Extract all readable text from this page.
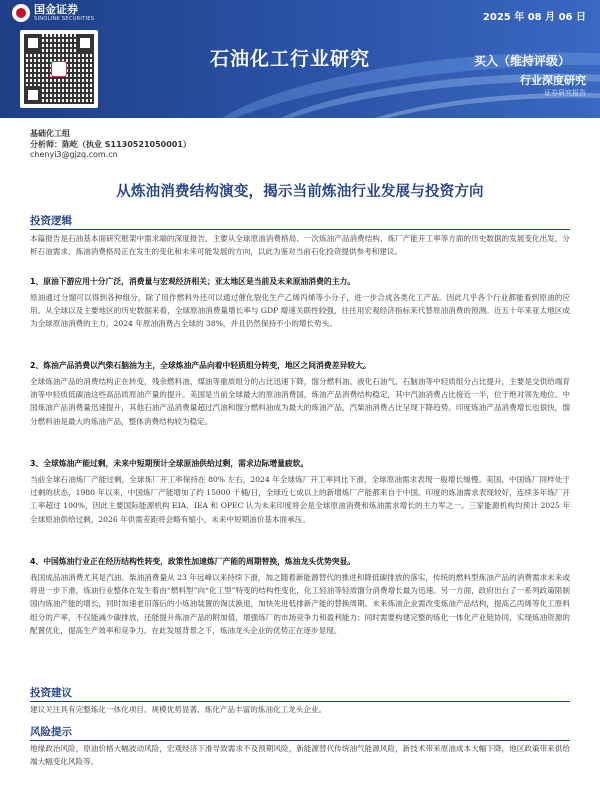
国金证券
SINOLINK SECURITIES	2025 年 08 月 06 日
石油化工行业研究	买入（维持评级）
行业深度研究
证券研究报告
基础化工组
分析师：陈屹（执业 S1130521050001）
chenyi3@gjzq.com.cn
从炼油消费结构演变，揭示当前炼油行业发展与投资方向
投资逻辑
本篇报告是石油基本面研究框架中需求端的深度报告，主要从全球原油消费格局、一次炼油产品消费结构、炼厂产能开工率等方面的历史数据的发展变化出发，分析石油需求、炼油消费格局正在发生的变化和未来可能发展的方向，以此为鉴对当前石化投资提供参考和建议。
1、原油下游应用十分广泛，消费量与宏观经济相关；亚太地区是当前及未来原油消费的主力。
原油通过分馏可以得到各种组分，除了用作燃料外还可以通过催化裂化生产乙烯丙烯等小分子，进一步合成各类化工产品。因此几乎各个行业都能看到原油的应用。从全球以及主要地区的历史数据来看，全球原油消费量增长率与 GDP 增速关联性较强，往往用宏观经济指标来代替原油消费的预测。近五十年来亚太地区成为全球原油消费的主力，2024 年原油消费占全球的 38%，并且仍然保持不小的增长势头。
2、炼油产品消费以汽柴石脑油为主，全球炼油产品向着中轻质组分转变，地区之间消费差异较大。
全球炼油产品的消费结构正在转变，残余燃料油、煤油等重质组分的占比迅速下降，馏分燃料油、液化石油气、石脑油等中轻质组分占比提升，主要是交供给端育油等中轻质低碳油这些高品质原油产量的提升。美国是当前全球最大的原油消费国，炼油产品消费结构稳定，其中汽油消费占比接近一半，位于绝对领先地位。中国炼油产品消费量迅速提升，其他石油产品消费量超过汽油和馏分燃料油成为最大的炼油产品，汽柴油消费占比呈现下降趋势。印度炼油产品消费增长也很快，馏分燃料油是最大的炼油产品，整体消费结构较为稳定。
3、全球炼油产能过剩，未来中短期预计全球原油供给过剩，需求边际增量疲软。
当前全球石油炼厂产能过剩，全球炼厂开工率保持在 80% 左右，2024 年全球炼厂开工率同比下滑，全球原油需求表现一般增长缓慢。美国、中国炼厂同样处于过剩的状态，1980 年以来，中国炼厂产能增加了约 15000 千桶/日，全球近七成以上的新增炼厂产能都来自于中国。印度的炼油需求表现较好，连续多年炼厂开工率超过 100%，因此主要国际能源机构 EIA、IEA 和 OPEC 认为未来印度将会是全球原油消费和炼油需求增长的主力军之一。三家能源机构均预计 2025 年全球原油供给过剩，2026 年供需差距将会略有缩小，未来中短期油价基本面承压。
4、中国炼油行业正在经历结构性转变，政策性加速炼厂产能的周期替换，炼油龙头优势突显。
我国成品油消费尤其是汽油、柴油消费量从 23 年远峰以来持续下滑，加之随着新能源替代的推进和降低碳排放的落实，传统的燃料型炼油产品的消费需求未来或将进一步下滑，炼油行业整体在发生着由“燃料型”向“化工型”特变的结构性变化，化工轻油等轻质馏分消费增长最为迅速。另一方面，政府出台了一系列政策限制国内炼油产能的增长，同时加速老旧落后的小炼油装置的淘汰换退，加快先进低排新产能的替换周期。未来炼油企业需改变炼油产品结构，提高乙丙烯等化工原料组分的产率，不仅能减少碳排放，还能提升炼油产品的附加值，增强炼厂的市场竞争力和盈利能力；同时需要构建完整的炼化一体化产业链协同，实现炼油资源的配置优化，提高生产效率和竞争力。在此发展背景之下，炼油龙头企业的优势正在逐步显现。
投资建议
建议关注具有完整炼化一体化项目、规模优势显著、炼化产品丰富的炼油化工龙头企业。
风险提示
地缘政治风险，原油价格大幅波动风险，宏观经济下滑导致需求不及预期风险，新能源替代传统油气能源风险，新技术带来原油成本大幅下降，地区政策带来供给端大幅变化风险等。
